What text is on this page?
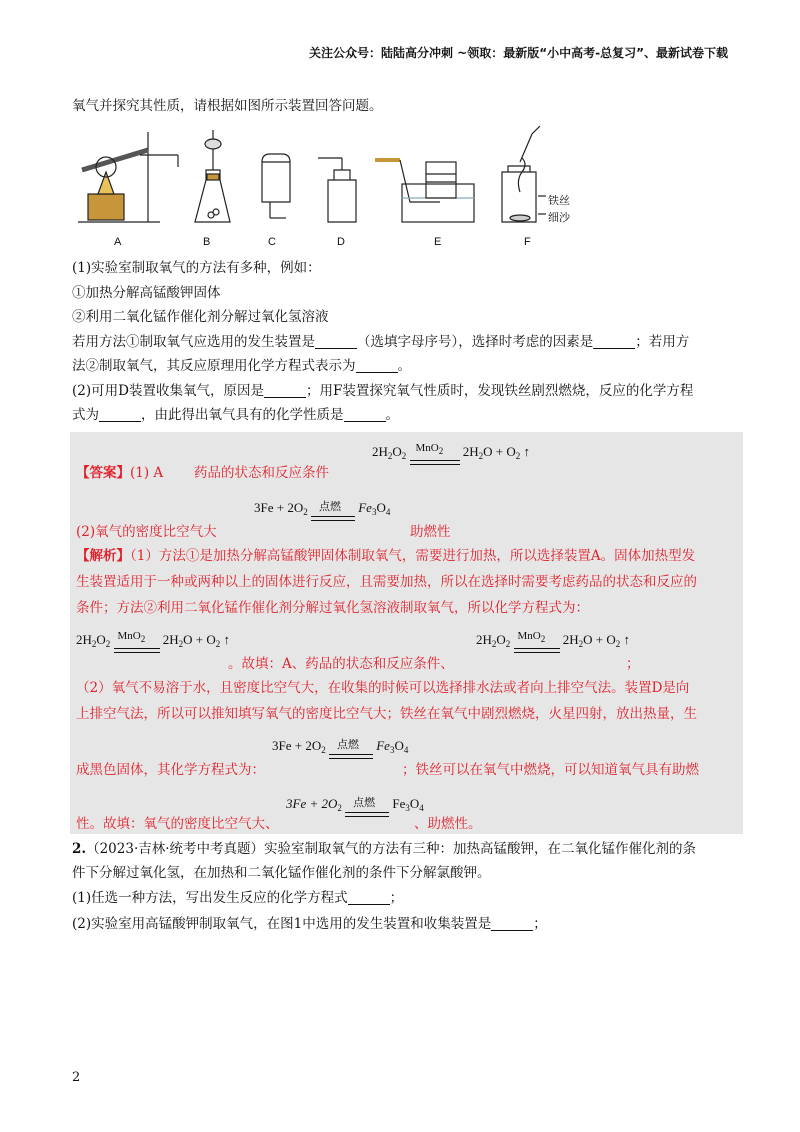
关注公众号：陆陆高分冲刺 ~领取：最新版“小中高考-总复习”、最新试卷下载
氧气并探究其性质，请根据如图所示装置回答问题。
铁丝
细沙
A	B	C	D	E	F
(1)实验室制取氧气的方法有多种，例如：
①加热分解高锰酸钾固体
②利用二氧化锰作催化剂分解过氧化氢溶液
若用方法①制取氧气应选用的发生装置是	（选填字母序号），选择时考虑的因素是	；若用方
法②制取氧气，其反应原理用化学方程式表示为	。
(2)可用D装置收集氧气，原因是	；用F装置探究氧气性质时，发现铁丝剧烈燃烧，反应的化学方程
式为	，由此得出氧气具有的化学性质是	。
$2H_2O_2$
MnO$_2$ $2H_2O + O_2$ ↑
【答案】(1) A 药品的状态和反应条件
$3Fe + 2O_2$ 点燃 $Fe_3O_4$
(2)氧气的密度比空气大	助燃性
【解析】（1）方法①是加热分解高锰酸钾固体制取氧气，需要进行加热，所以选择装置A。固体加热型发
生装置适用于一种或两种以上的固体进行反应，且需要加热，所以在选择时需要考虑药品的状态和反应的
条件；方法②利用二氧化锰作催化剂分解过氧化氢溶液制取氧气，所以化学方程式为：
$2H_2O_2$
MnO$_2$ $2H_2O + O_2$ ↑	$2H_2O_2$
MnO$_2$ $2H_2O + O_2$ ↑
。故填：A、药品的状态和反应条件、	；
（2）氧气不易溶于水，且密度比空气大，在收集的时候可以选择排水法或者向上排空气法。装置D是向
上排空气法，所以可以推知填写氧气的密度比空气大；铁丝在氧气中剧烈燃烧，火星四射，放出热量，生
$3Fe + 2O_2$ 点燃 $Fe_3O_4$
成黑色固体，其化学方程式为：	；铁丝可以在氧气中燃烧，可以知道氧气具有助燃
$3Fe + 2O_2$ 点燃 $Fe_3O_4$
性。故填：氧气的密度比空气大、	、助燃性。
2.（2023·吉林·统考中考真题）实验室制取氧气的方法有三种：加热高锰酸钾，在二氧化锰作催化剂的条
件下分解过氧化氢，在加热和二氧化锰作催化剂的条件下分解氯酸钾。
(1)任选一种方法，写出发生反应的化学方程式	；
(2)实验室用高锰酸钾制取氧气，在图1中选用的发生装置和收集装置是	；
2
